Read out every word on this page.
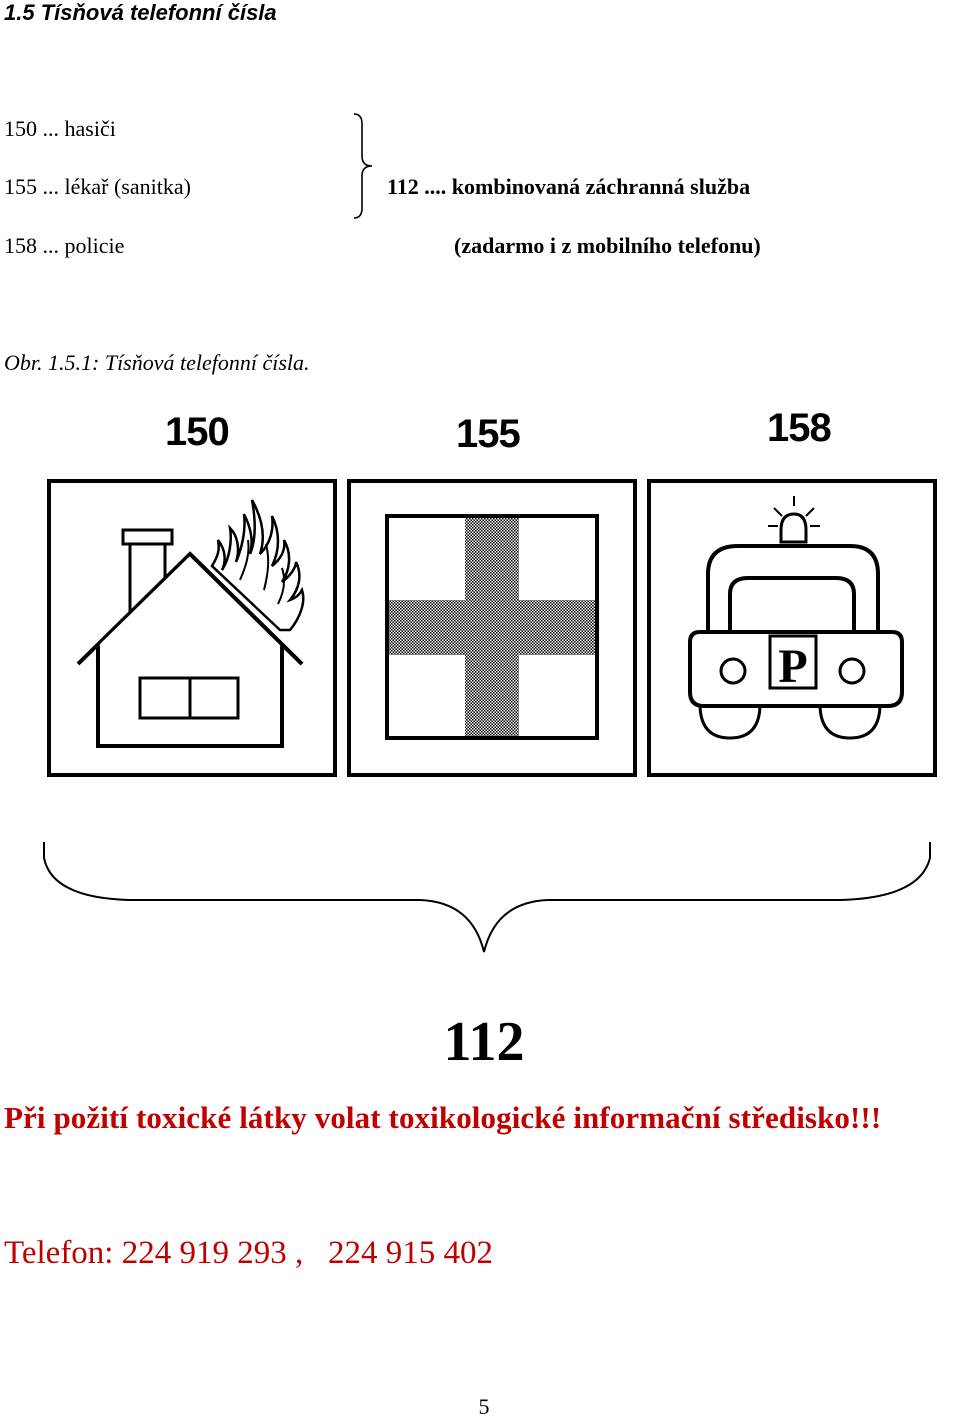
1.5 Tísňová telefonní čísla
150 ... hasiči
155 ... lékař (sanitka)
158 ... policie
112 .... kombinovaná záchranná služba
(zadarmo i z mobilního telefonu)
Obr. 1.5.1: Tísňová telefonní čísla.
150	155	158
P
112
Při požití toxické látky volat toxikologické informační středisko!!!
Telefon: 224 919 293 ,   224 915 402
5
